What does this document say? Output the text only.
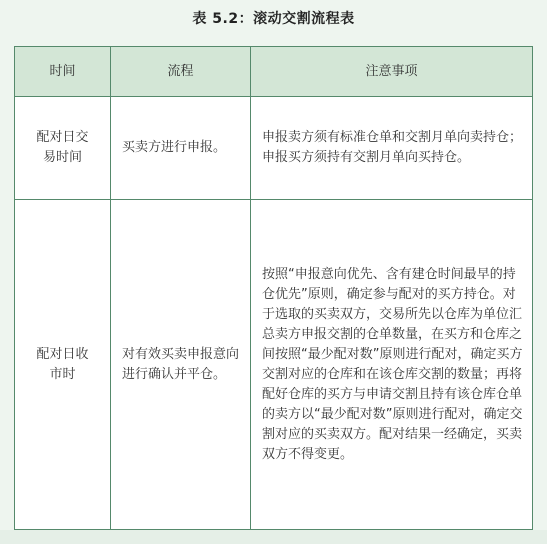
表 5.2：滚动交割流程表
时间	流程	注意事项
配对日交易时间
买卖方进行申报。
申报卖方须有标准仓单和交割月单向卖持仓；申报买方须持有交割月单向买持仓。
配对日收市时
对有效买卖申报意向进行确认并平仓。
按照“申报意向优先、含有建仓时间最早的持仓优先”原则，确定参与配对的买方持仓。对于选取的买卖双方，交易所先以仓库为单位汇总卖方申报交割的仓单数量，在买方和仓库之间按照“最少配对数”原则进行配对，确定买方交割对应的仓库和在该仓库交割的数量；再将配好仓库的买方与申请交割且持有该仓库仓单的卖方以“最少配对数”原则进行配对，确定交割对应的买卖双方。配对结果一经确定，买卖双方不得变更。
